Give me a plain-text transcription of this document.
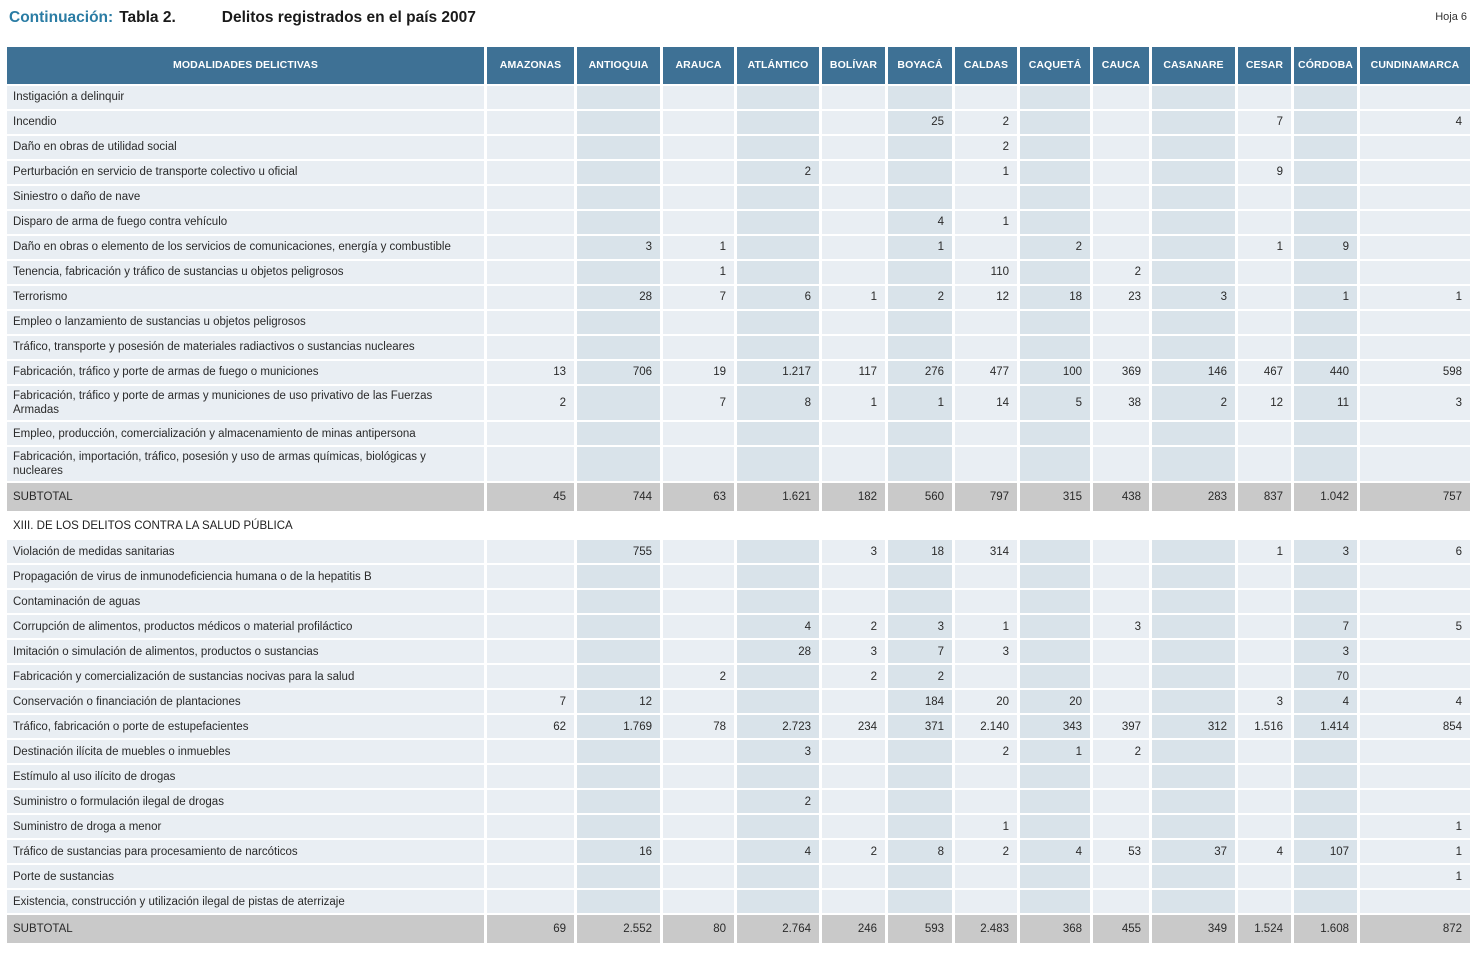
Continuación: Tabla 2.	Delitos registrados en el país 2007	Hoja 6
MODALIDADES DELICTIVAS	AMAZONAS	ANTIOQUIA	ARAUCA	ATLÁNTICO	BOLÍVAR	BOYACÁ	CALDAS	CAQUETÁ	CAUCA	CASANARE	CESAR	CÓRDOBA	CUNDINAMARCA
Instigación a delinquir													
Incendio						25	2				7		4
Daño en obras de utilidad social							2						
Perturbación en servicio de transporte colectivo u oficial				2			1				9		
Siniestro o daño de nave													
Disparo de arma de fuego contra vehículo						4	1						
Daño en obras o elemento de los servicios de comunicaciones, energía y combustible		3	1			1		2			1	9	
Tenencia, fabricación y tráfico de sustancias u objetos peligrosos			1				110		2				
Terrorismo		28	7	6	1	2	12	18	23	3		1	1
Empleo o lanzamiento de sustancias u objetos peligrosos													
Tráfico, transporte y posesión de materiales radiactivos o sustancias nucleares													
Fabricación, tráfico y porte de armas de fuego o municiones	13	706	19	1.217	117	276	477	100	369	146	467	440	598
Fabricación, tráfico y porte de armas y municiones de uso privativo de las Fuerzas Armadas	2		7	8	1	1	14	5	38	2	12	11	3
Empleo, producción, comercialización y almacenamiento de minas antipersona													
Fabricación, importación, tráfico, posesión y uso de armas químicas, biológicas y nucleares													
SUBTOTAL	45	744	63	1.621	182	560	797	315	438	283	837	1.042	757
XIII. DE LOS DELITOS CONTRA LA SALUD PÚBLICA													
Violación de medidas sanitarias		755			3	18	314				1	3	6
Propagación de virus de inmunodeficiencia humana o de la hepatitis B													
Contaminación de aguas													
Corrupción de alimentos, productos médicos o material profiláctico				4	2	3	1		3			7	5
Imitación o simulación de alimentos, productos o sustancias				28	3	7	3					3	
Fabricación y comercialización de sustancias nocivas para la salud			2		2	2						70	
Conservación o financiación de plantaciones	7	12				184	20	20			3	4	4
Tráfico, fabricación o porte de estupefacientes	62	1.769	78	2.723	234	371	2.140	343	397	312	1.516	1.414	854
Destinación ilícita de muebles o inmuebles				3			2	1	2				
Estímulo al uso ilícito de drogas													
Suministro o formulación ilegal de drogas				2									
Suministro de droga a menor							1						1
Tráfico de sustancias para procesamiento de narcóticos		16		4	2	8	2	4	53	37	4	107	1
Porte de sustancias													1
Existencia, construcción y utilización ilegal de pistas de aterrizaje													
SUBTOTAL	69	2.552	80	2.764	246	593	2.483	368	455	349	1.524	1.608	872
